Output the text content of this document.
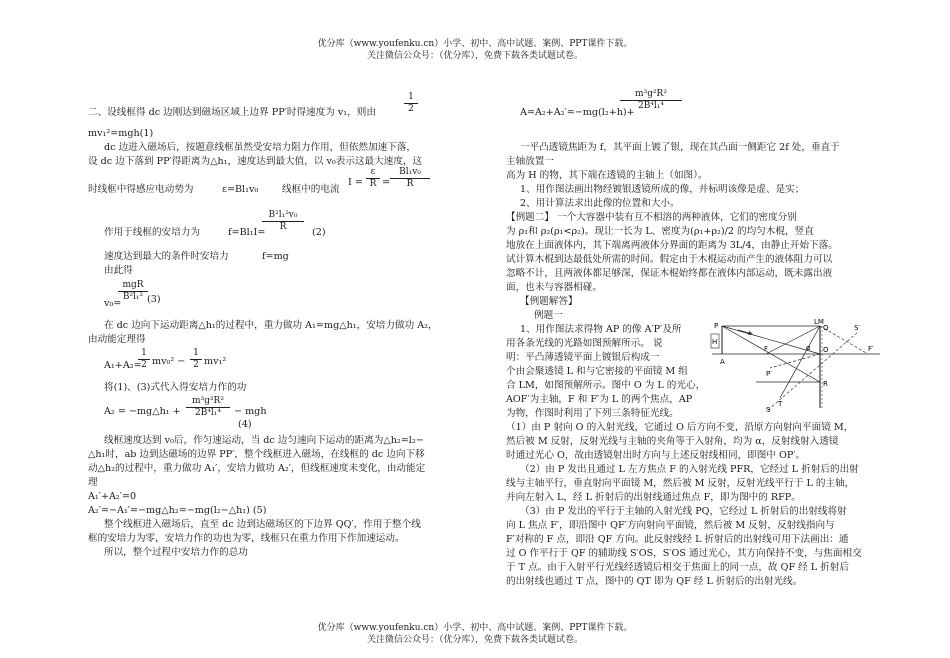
优分库（www.youfenku.cn）小学、初中、高中试题、案例、PPT课件下载。
关注微信公众号：（优分库），免费下载各类试题试卷。
$\frac{1}{2}$
二、设线框得 dc 边刚达到磁场区域上边界 PP′时得速度为 v₁，则由
mv₁²=mgh(1)
dc 边进入磁场后，按题意线框虽然受安培力阻力作用，但依然加速下落，
设 dc 边下落到 PP′得距离为△h₁，速度达到最大值，以 v₀表示这最大速度，这
时线框中得感应电动势为	ε=Bl₁v₀ 线框中的电流
$I = \frac{\varepsilon}{R} = \frac{\text{Bl₁v₀}}{R}$
作用于线框的安培力为	f=Bl₁I=
$\frac{\text{B²l₁²v₀}}{R} (2)$
速度达到最大的条件时安培力	f=mg
由此得
v₀=
mgR
B²l₁² (3)
在 dc 边向下运动距离△h₁的过程中，重力做功 A₁=mg△h₁，安培力做功 A₂，
由动能定理得
A₁+A₂=
$\frac{1}{2} mv_0^2 - \frac{1}{2} mv_1^2$
将(1)、(3)式代入得安培力作的功
A₂ = −mg△h₁ + $\frac{\text{m³g²R²}}{\text{2B⁴l₁⁴}}$ − mgh
(4)
线框速度达到 v₀后，作匀速运动，当 dc 边匀速向下运动的距离为△h₂=l₂−
△h₁时，ab 边到达磁场的边界 PP′，整个线框进入磁场，在线框的 dc 边向下移
动△h₂的过程中，重力做功 A₁′，安培力做功 A₂′，但线框速度未变化，由动能定
理
A₁′+A₂′=0
A₂′=−A₁′=−mg△h₂=−mg(l₂−△h₁) (5)
整个线框进入磁场后，直至 dc 边到达磁场区的下边界 QQ′，作用于整个线
框的安培力为零，安培力作的功也为零，线框只在重力作用下作加速运动。
所以，整个过程中安培力作的总功
$\frac{\text{m³g²R²}}{\text{2B⁴l₁⁴}}$
A=A₂+A₂′=−mg(l₂+h)+
一平凸透镜焦距为 f，其平面上镀了银，现在其凸面一侧距它 2f 处，垂直于
主轴放置一
高为 H 的物，其下端在透镜的主轴上（如图）。
1、用作图法画出物经镀银透镜所成的像，并标明该像是虚、是实；
2、用计算法求出此像的位置和大小。
【例题二】 一个大容器中装有互不相溶的两种液体，它们的密度分别
为 ρ₁和 ρ₂(ρ₁<ρ₂)。现让一长为 L、密度为(ρ₁+ρ₂)/2 的均匀木棍，竖直
地放在上面液体内，其下端离两液体分界面的距离为 3L/4，由静止开始下落。
试计算木棍到达最低处所需的时间。假定由于木棍运动而产生的液体阻力可以
忽略不计，且两液体都足够深，保证木棍始终都在液体内部运动，既未露出液
面，也未与容器相碰。
【例题解答】
例题一
1、用作图法求得物 AP 的像 A′P′及所
用各条光线的光路如图预解所示。 说
明：平凸薄透镜平面上镀银后构成一
个由会聚透镜 L 和与它密接的平面镜 M 组
合 LM，如图预解所示。图中 O 为 L 的光心，
AOF′为主轴，F 和 F′为 L 的两个焦点，AP
为物，作图时利用了下列三条特征光线。
（1）由 P 射向 O 的入射光线，它通过 O 后方向不变，沿原方向射向平面镜 M，
然后被 M 反射，反射光线与主轴的夹角等于入射角，均为 α，反射线射入透镜
时通过光心 O，故由透镜射出时方向与上述反射线相同，即图中 OP′。
（2）由 P 发出且通过 L 左方焦点 F 的入射光线 PFR，它经过 L 折射后的出射
线与主轴平行，垂直射向平面镜 M，然后被 M 反射，反射光线平行于 L 的主轴，
并向左射入 L，经 L 折射后的出射线通过焦点 F，即为图中的 RFP。
（3）由 P 发出的平行于主轴的入射光线 PQ，它经过 L 折射后的出射线将射
向 L 焦点 F′，即沿图中 QF′方向射向平面镜，然后被 M 反射，反射线指向与
F′对称的 F 点，即沿 QF 方向。此反射线经 L 折射后的出射线可用下法画出：通
过 O 作平行于 QF 的辅助线 S′OS，S′OS 通过光心，其方向保持不变，与焦面相交
于 T 点。由于入射平行光线经透镜后相交于焦面上的同一点，故 QF 经 L 折射后
的出射线也通过 T 点，图中的 QT 即为 QF 经 L 折射后的出射光线。
LM
P
H
A
F	F′
O
Q
R
T
S
S′
P′
α
优分库（www.youfenku.cn）小学、初中、高中试题、案例、PPT课件下载。
关注微信公众号：（优分库），免费下载各类试题试卷。
